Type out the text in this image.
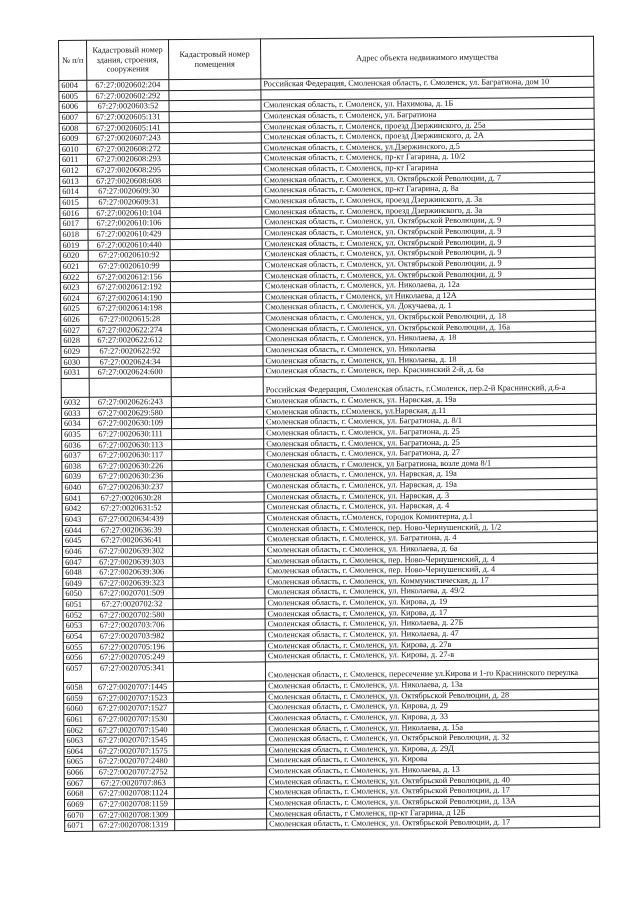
№ п/п	Кадастровый номер здания, строения, сооружения	Кадастровый номер помещения	Адрес объекта недвижимого имущества
6004	67:27:0020602:204		Российская Федерация, Смоленская область, г. Смоленск, ул. Багратиона, дом 10
6005	67:27:0020602:292		
6006	67:27:0020603:52		Смоленская область, г. Смоленск, ул. Нахимова, д. 1Б
6007	67:27:0020605:131		Смоленская область, г. Смоленск, ул. Багратиона
6008	67:27:0020605:141		Смоленская область, г. Смоленск, проезд Дзержинского, д. 25а
6009	67:27:0020607:243		Смоленская область, г. Смоленск, проезд Дзержинского, д. 2А
6010	67:27:0020608:272		Смоленская область, г. Смоленск, ул.Дзержинского, д.5
6011	67:27:0020608:293		Смоленская область, г. Смоленск, пр-кт Гагарина, д. 10/2
6012	67:27:0020608:295		Смоленская область, г. Смоленск, пр-кт Гагарина
6013	67:27:0020608:608		Смоленская область, г. Смоленск, ул. Октябрьской Революции, д. 7
6014	67:27:0020609:30		Смоленская область, г. Смоленск, пр-кт Гагарина, д. 8а
6015	67:27:0020609:31		Смоленская область, г. Смоленск, проезд Дзержинского, д. 3а
6016	67:27:0020610:104		Смоленская область, г. Смоленск, проезд Дзержинского, д. 3а
6017	67:27:0020610:106		Смоленская область, г. Смоленск, ул. Октябрьской Революции, д. 9
6018	67:27:0020610:429		Смоленская область, г. Смоленск, ул. Октябрьской Революции, д. 9
6019	67:27:0020610:440		Смоленская область, г. Смоленск, ул. Октябрьской Революции, д. 9
6020	67:27:0020610:92		Смоленская область, г. Смоленск, ул. Октябрьской Революции, д. 9
6021	67:27:0020610:99		Смоленская область, г. Смоленск, ул. Октябрьской Революции, д. 9
6022	67:27:0020612:156		Смоленская область, г. Смоленск, ул. Октябрьской Революции, д. 9
6023	67:27:0020612:192		Смоленская область, г. Смоленск, ул. Николаева, д. 12а
6024	67:27:0020614:190		Смоленская область, г Смоленск, ул Николаева, д 12А
6025	67:27:0020614:198		Смоленская область, г. Смоленск, ул. Докучаева, д. 1
6026	67:27:0020615:28		Смоленская область, г. Смоленск, ул. Октябрьской Революции, д. 18
6027	67:27:0020622:274		Смоленская область, г. Смоленск, ул. Октябрьской Революции, д. 16а
6028	67:27:0020622:612		Смоленская область, г. Смоленск, ул. Николаева, д. 18
6029	67:27:0020622:92		Смоленская область, г. Смоленск, ул. Николаева
6030	67:27:0020624:34		Смоленская область, г. Смоленск, ул. Николаева, д. 18
6031	67:27:0020624:600		Смоленская область, г. Смоленск, пер. Краснинский 2-й, д. 6а
			Российская Федерация, Смоленская область, г.Смоленск, пер.2-й Краснинский, д.6-а
6032	67:27:0020626:243		Смоленская область, г. Смоленск, ул. Нарвская, д. 19а
6033	67:27:0020629:580		Смоленская область, г.Смоленск, ул.Нарвская, д.11
6034	67:27:0020630:109		Смоленская область, г. Смоленск, ул. Багратиона, д. 8/1
6035	67:27:0020630:111		Смоленская область, г. Смоленск, ул. Багратиона, д. 25
6036	67:27:0020630:113		Смоленская область, г. Смоленск, ул. Багратиона, д. 25
6037	67:27:0020630:117		Смоленская область, г. Смоленск, ул. Багратиона, д. 27
6038	67:27:0020630:226		Смоленская область, г Смоленск, ул Багратиона, возле дома 8/1
6039	67:27:0020630:236		Смоленская область, г. Смоленск, ул. Нарвская, д. 19а
6040	67:27:0020630:237		Смоленская область, г. Смоленск, ул. Нарвская, д. 19а
6041	67:27:0020630:28		Смоленская область, г. Смоленск, ул. Нарвская, д. 3
6042	67:27:0020631:52		Смоленская область, г. Смоленск, ул. Нарвская, д. 4
6043	67:27:0020634:439		Смоленская область, г.Смоленск, городок Коминтерна, д.1
6044	67:27:0020636:39		Смоленская область, г. Смоленск, пер. Ново-Чернушенский, д. 1/2
6045	67:27:0020636:41		Смоленская область, г. Смоленск, ул. Багратиона, д. 4
6046	67:27:0020639:302		Смоленская область, г. Смоленск, ул. Николаева, д. 6а
6047	67:27:0020639:303		Смоленская область, г. Смоленск, пер. Ново-Чернушенский, д. 4
6048	67:27:0020639:306		Смоленская область, г. Смоленск, пер. Ново-Чернушенский, д. 4
6049	67:27:0020639:323		Смоленская область, г. Смоленск, ул. Коммунистическая, д. 17
6050	67:27:0020701:509		Смоленская область, г. Смоленск, ул. Николаева, д. 49/2
6051	67:27:0020702:32		Смоленская область, г. Смоленск, ул. Кирова, д. 19
6052	67:27:0020702:580		Смоленская область, г. Смоленск, ул. Кирова, д. 17
6053	67:27:0020703:706		Смоленская область, г. Смоленск, ул. Николаева, д. 27Б
6054	67:27:0020703:982		Смоленская область, г. Смоленск, ул. Николаева, д. 47
6055	67:27:0020705:196		Смоленская область, г. Смоленск, ул. Кирова, д. 27в
6056	67:27:0020705:249		Смоленская область, г. Смоленск, ул. Кирова, д. 27-в
6057	67:27:0020705:341		Смоленская область, г. Смоленск, пересечение ул.Кирова и 1-го Краснинского переулка
6058	67:27:0020707:1445		Смоленская область, г. Смоленск, ул. Николаева, д. 13а
6059	67:27:0020707:1523		Смоленская область, г. Смоленск, ул. Октябрьской Революции, д. 28
6060	67:27:0020707:1527		Смоленская область, г. Смоленск, ул. Кирова, д. 29
6061	67:27:0020707:1530		Смоленская область, г. Смоленск, ул. Кирова, д. 33
6062	67:27:0020707:1540		Смоленская область, г. Смоленск, ул. Николаева, д. 15а
6063	67:27:0020707:1545		Смоленская область, г. Смоленск, ул. Октябрьской Революции, д. 32
6064	67:27:0020707:1575		Смоленская область, г. Смоленск, ул. Кирова, д. 29Д
6065	67:27:0020707:2480		Смоленская область, г. Смоленск, ул. Кирова
6066	67:27:0020707:2752		Смоленская область, г. Смоленск, ул. Николаева, д. 13
6067	67:27:0020707:863		Смоленская область, г. Смоленск, ул. Октябрьской Революции, д. 40
6068	67:27:0020708:1124		Смоленская область, г. Смоленск, ул. Октябрьской Революции, д. 17
6069	67:27:0020708:1159		Смоленская область, г. Смоленск, ул. Октябрьской Революции, д. 13А
6070	67:27:0020708:1309		Смоленская область, г Смоленск, пр-кт Гагарина, д 12Б
6071	67:27:0020708:1319		Смоленская область, г. Смоленск, ул. Октябрьской Революции, д. 17
